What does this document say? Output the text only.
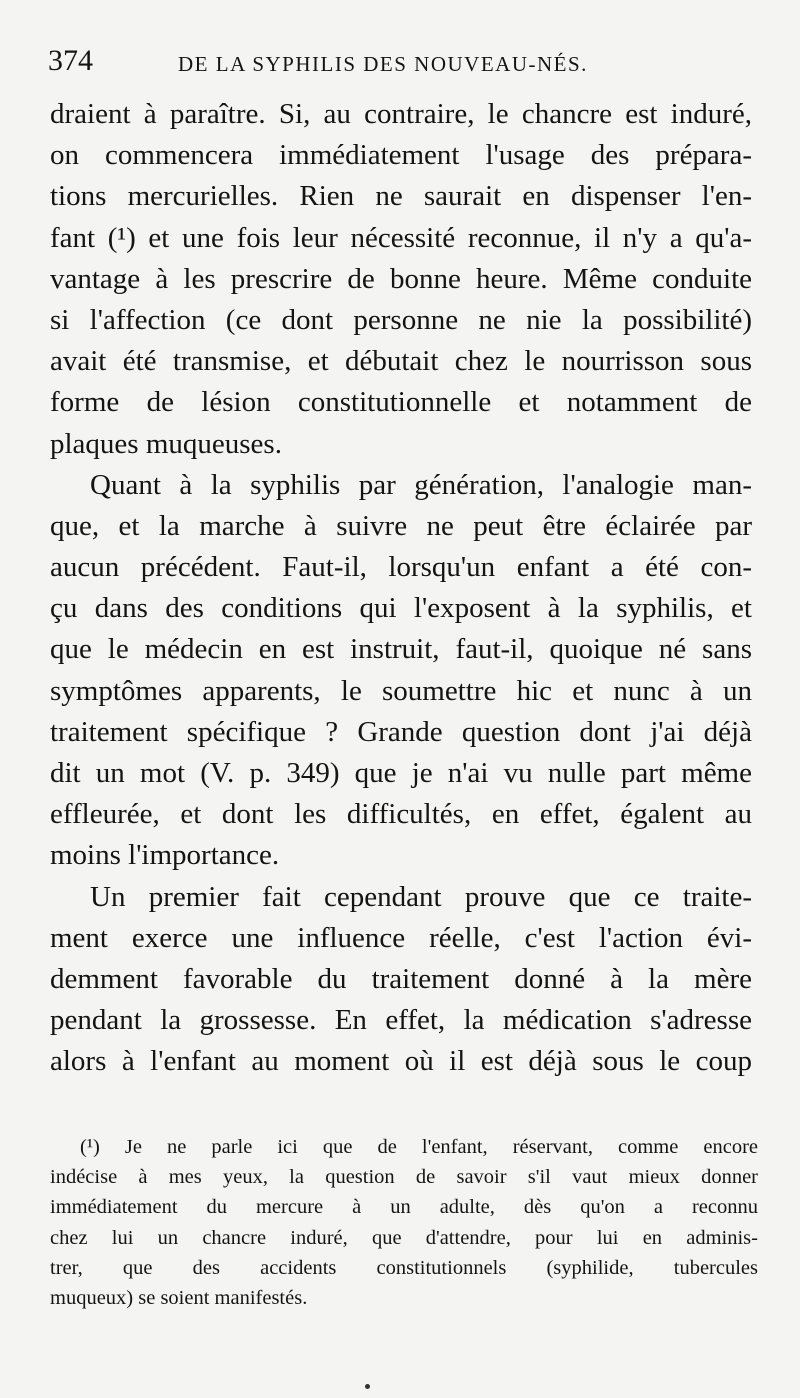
374	DE LA SYPHILIS DES NOUVEAU-NÉS.
draient à paraître. Si, au contraire, le chancre est induré,
on commencera immédiatement l'usage des prépara-
tions mercurielles. Rien ne saurait en dispenser l'en-
fant (¹) et une fois leur nécessité reconnue, il n'y a qu'a-
vantage à les prescrire de bonne heure. Même conduite
si l'affection (ce dont personne ne nie la possibilité)
avait été transmise, et débutait chez le nourrisson sous
forme de lésion constitutionnelle et notamment de
plaques muqueuses.
Quant à la syphilis par génération, l'analogie man-
que, et la marche à suivre ne peut être éclairée par
aucun précédent. Faut-il, lorsqu'un enfant a été con-
çu dans des conditions qui l'exposent à la syphilis, et
que le médecin en est instruit, faut-il, quoique né sans
symptômes apparents, le soumettre hic et nunc à un
traitement spécifique ? Grande question dont j'ai déjà
dit un mot (V. p. 349) que je n'ai vu nulle part même
effleurée, et dont les difficultés, en effet, égalent au
moins l'importance.
Un premier fait cependant prouve que ce traite-
ment exerce une influence réelle, c'est l'action évi-
demment favorable du traitement donné à la mère
pendant la grossesse. En effet, la médication s'adresse
alors à l'enfant au moment où il est déjà sous le coup
(¹) Je ne parle ici que de l'enfant, réservant, comme encore
indécise à mes yeux, la question de savoir s'il vaut mieux donner
immédiatement du mercure à un adulte, dès qu'on a reconnu
chez lui un chancre induré, que d'attendre, pour lui en adminis-
trer, que des accidents constitutionnels (syphilide, tubercules
muqueux) se soient manifestés.
